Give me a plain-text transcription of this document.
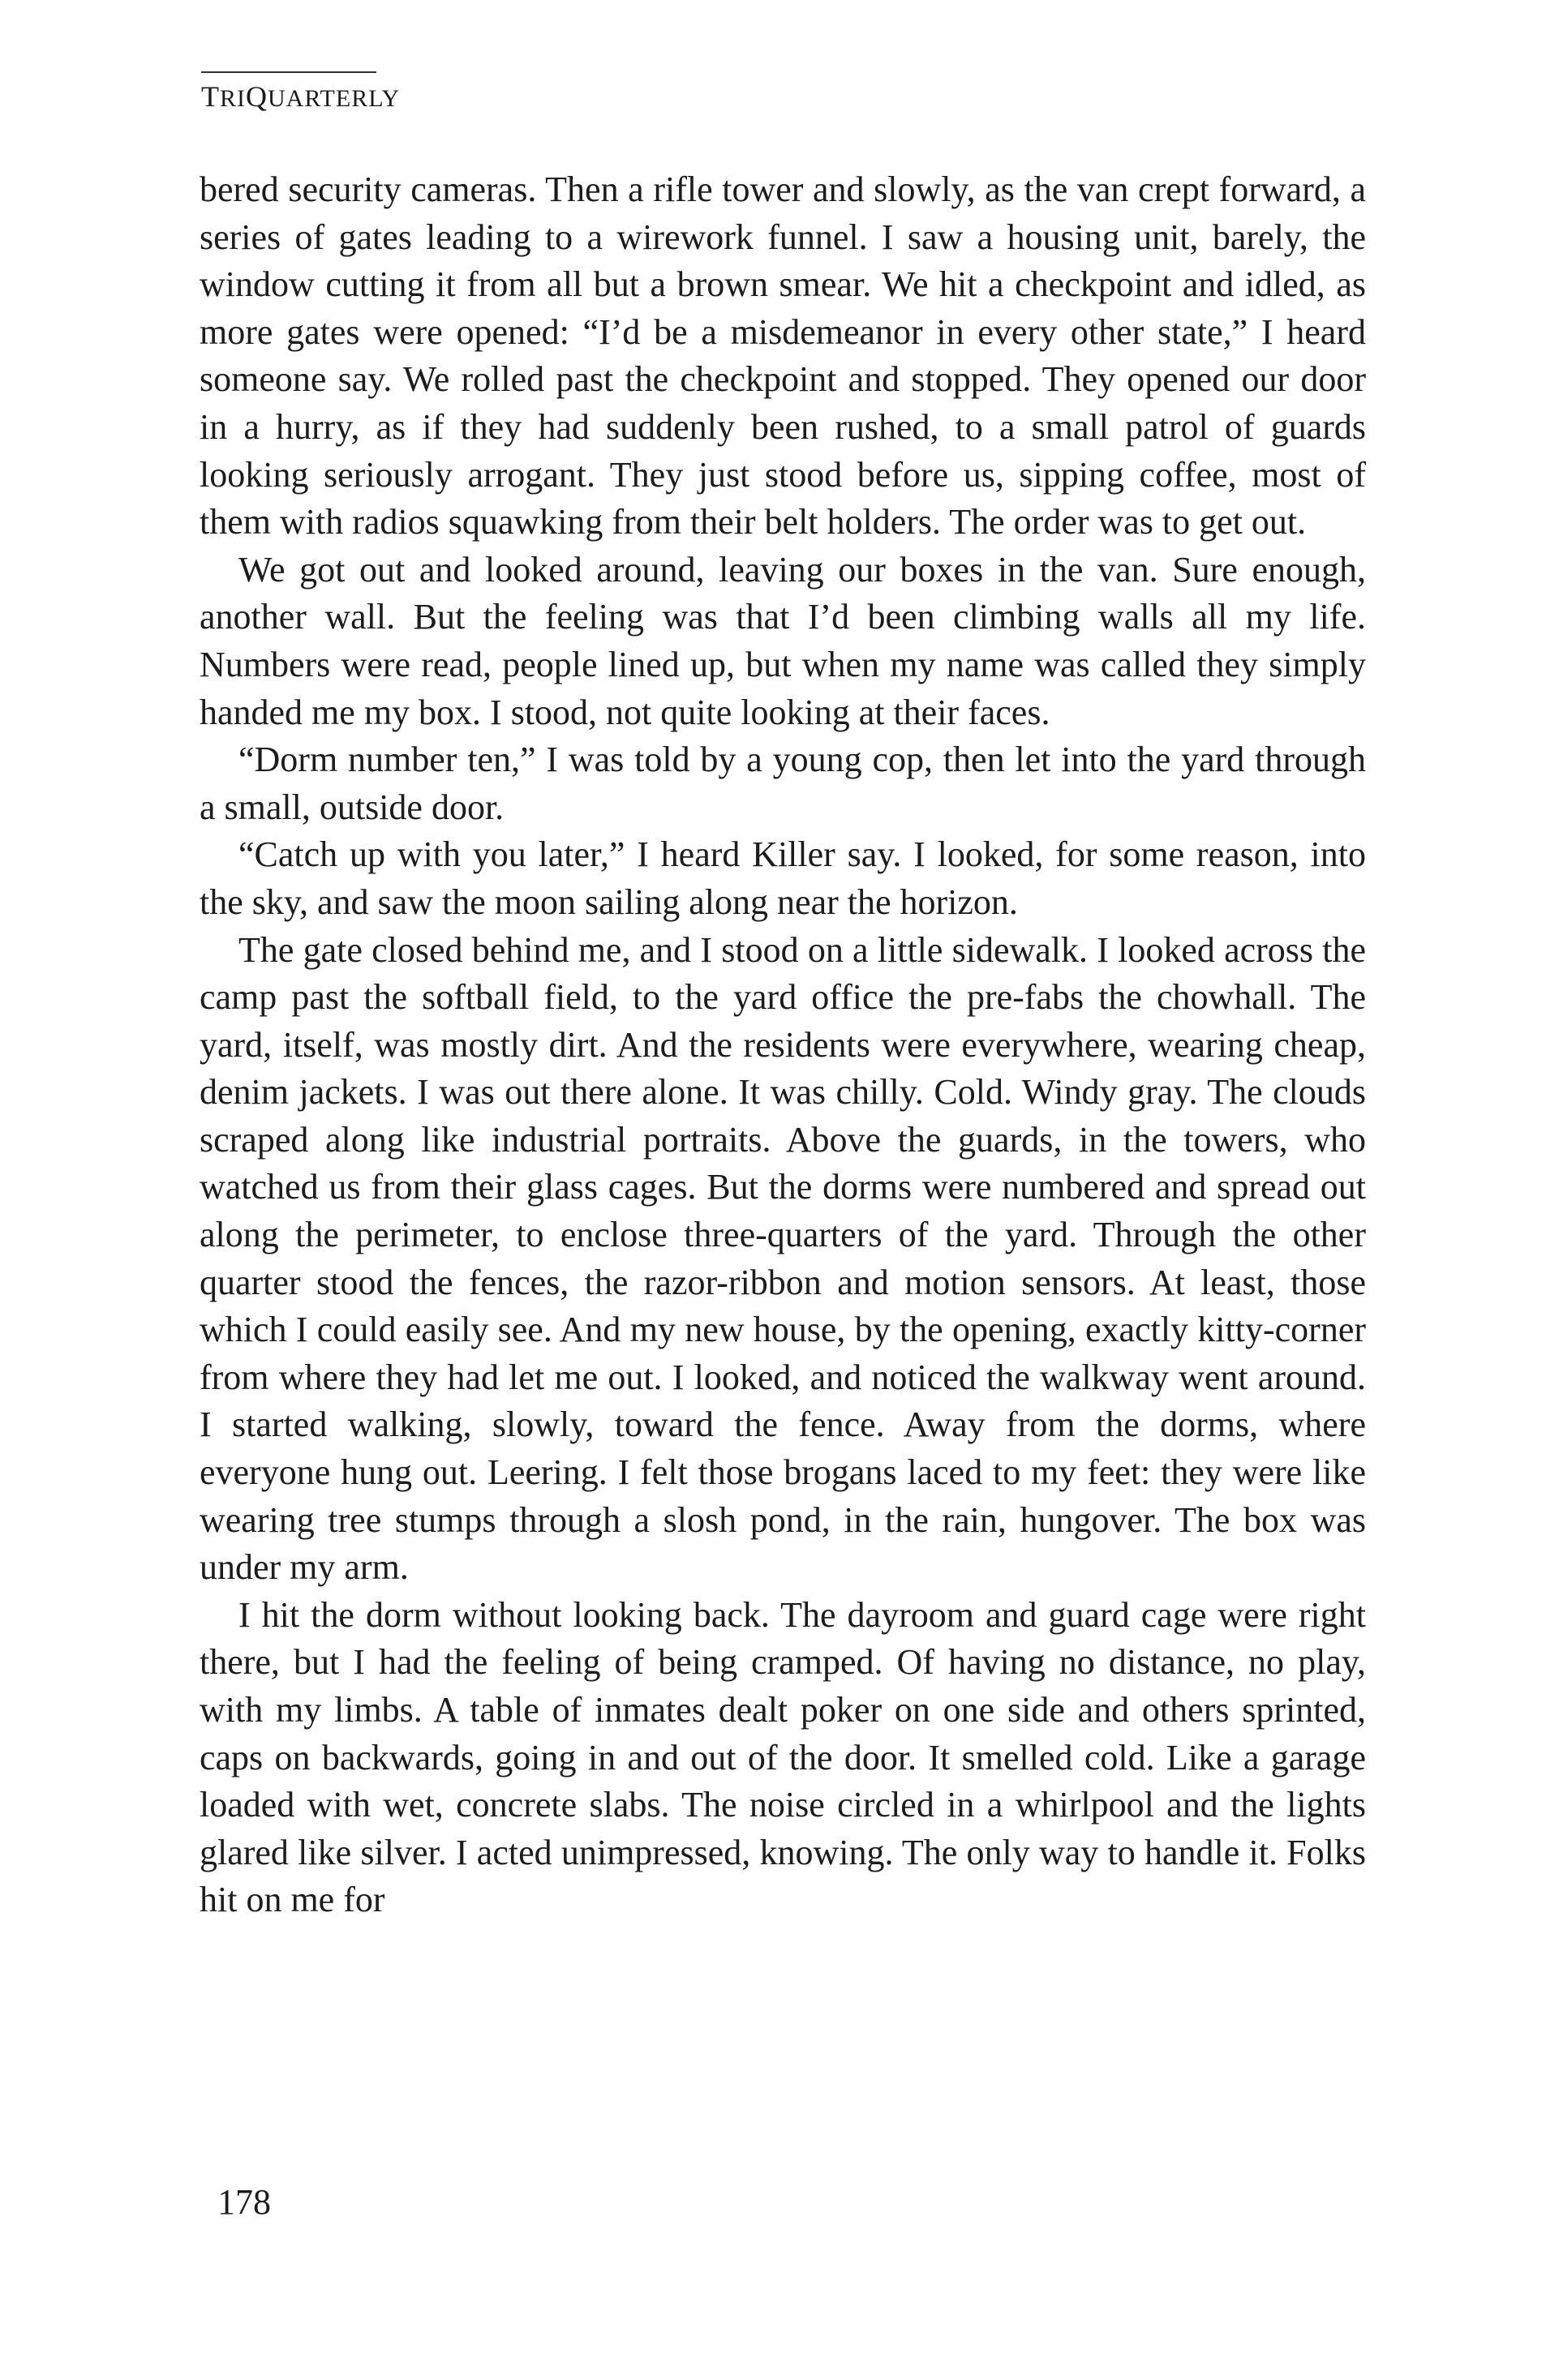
TRIQUARTERLY

bered security cameras. Then a rifle tower and slowly, as the van crept forward, a series of gates leading to a wirework funnel. I saw a housing unit, barely, the window cutting it from all but a brown smear. We hit a checkpoint and idled, as more gates were opened: “I’d be a misdemeanor in every other state,” I heard someone say. We rolled past the checkpoint and stopped. They opened our door in a hurry, as if they had suddenly been rushed, to a small patrol of guards looking seriously arrogant. They just stood before us, sipping coffee, most of them with radios squawking from their belt holders. The order was to get out.

We got out and looked around, leaving our boxes in the van. Sure enough, another wall. But the feeling was that I’d been climbing walls all my life. Numbers were read, people lined up, but when my name was called they simply handed me my box. I stood, not quite looking at their faces.

“Dorm number ten,” I was told by a young cop, then let into the yard through a small, outside door.

“Catch up with you later,” I heard Killer say. I looked, for some reason, into the sky, and saw the moon sailing along near the horizon.

The gate closed behind me, and I stood on a little sidewalk. I looked across the camp past the softball field, to the yard office the pre-fabs the chowhall. The yard, itself, was mostly dirt. And the residents were everywhere, wearing cheap, denim jackets. I was out there alone. It was chilly. Cold. Windy gray. The clouds scraped along like industrial portraits. Above the guards, in the towers, who watched us from their glass cages. But the dorms were numbered and spread out along the perimeter, to enclose three-quarters of the yard. Through the other quarter stood the fences, the razor-ribbon and motion sensors. At least, those which I could easily see. And my new house, by the opening, exactly kitty-corner from where they had let me out. I looked, and noticed the walkway went around. I started walking, slowly, toward the fence. Away from the dorms, where everyone hung out. Leering. I felt those brogans laced to my feet: they were like wearing tree stumps through a slosh pond, in the rain, hungover. The box was under my arm.

I hit the dorm without looking back. The dayroom and guard cage were right there, but I had the feeling of being cramped. Of having no distance, no play, with my limbs. A table of inmates dealt poker on one side and others sprinted, caps on backwards, going in and out of the door. It smelled cold. Like a garage loaded with wet, concrete slabs. The noise circled in a whirlpool and the lights glared like silver. I acted unimpressed, knowing. The only way to handle it. Folks hit on me for

178
